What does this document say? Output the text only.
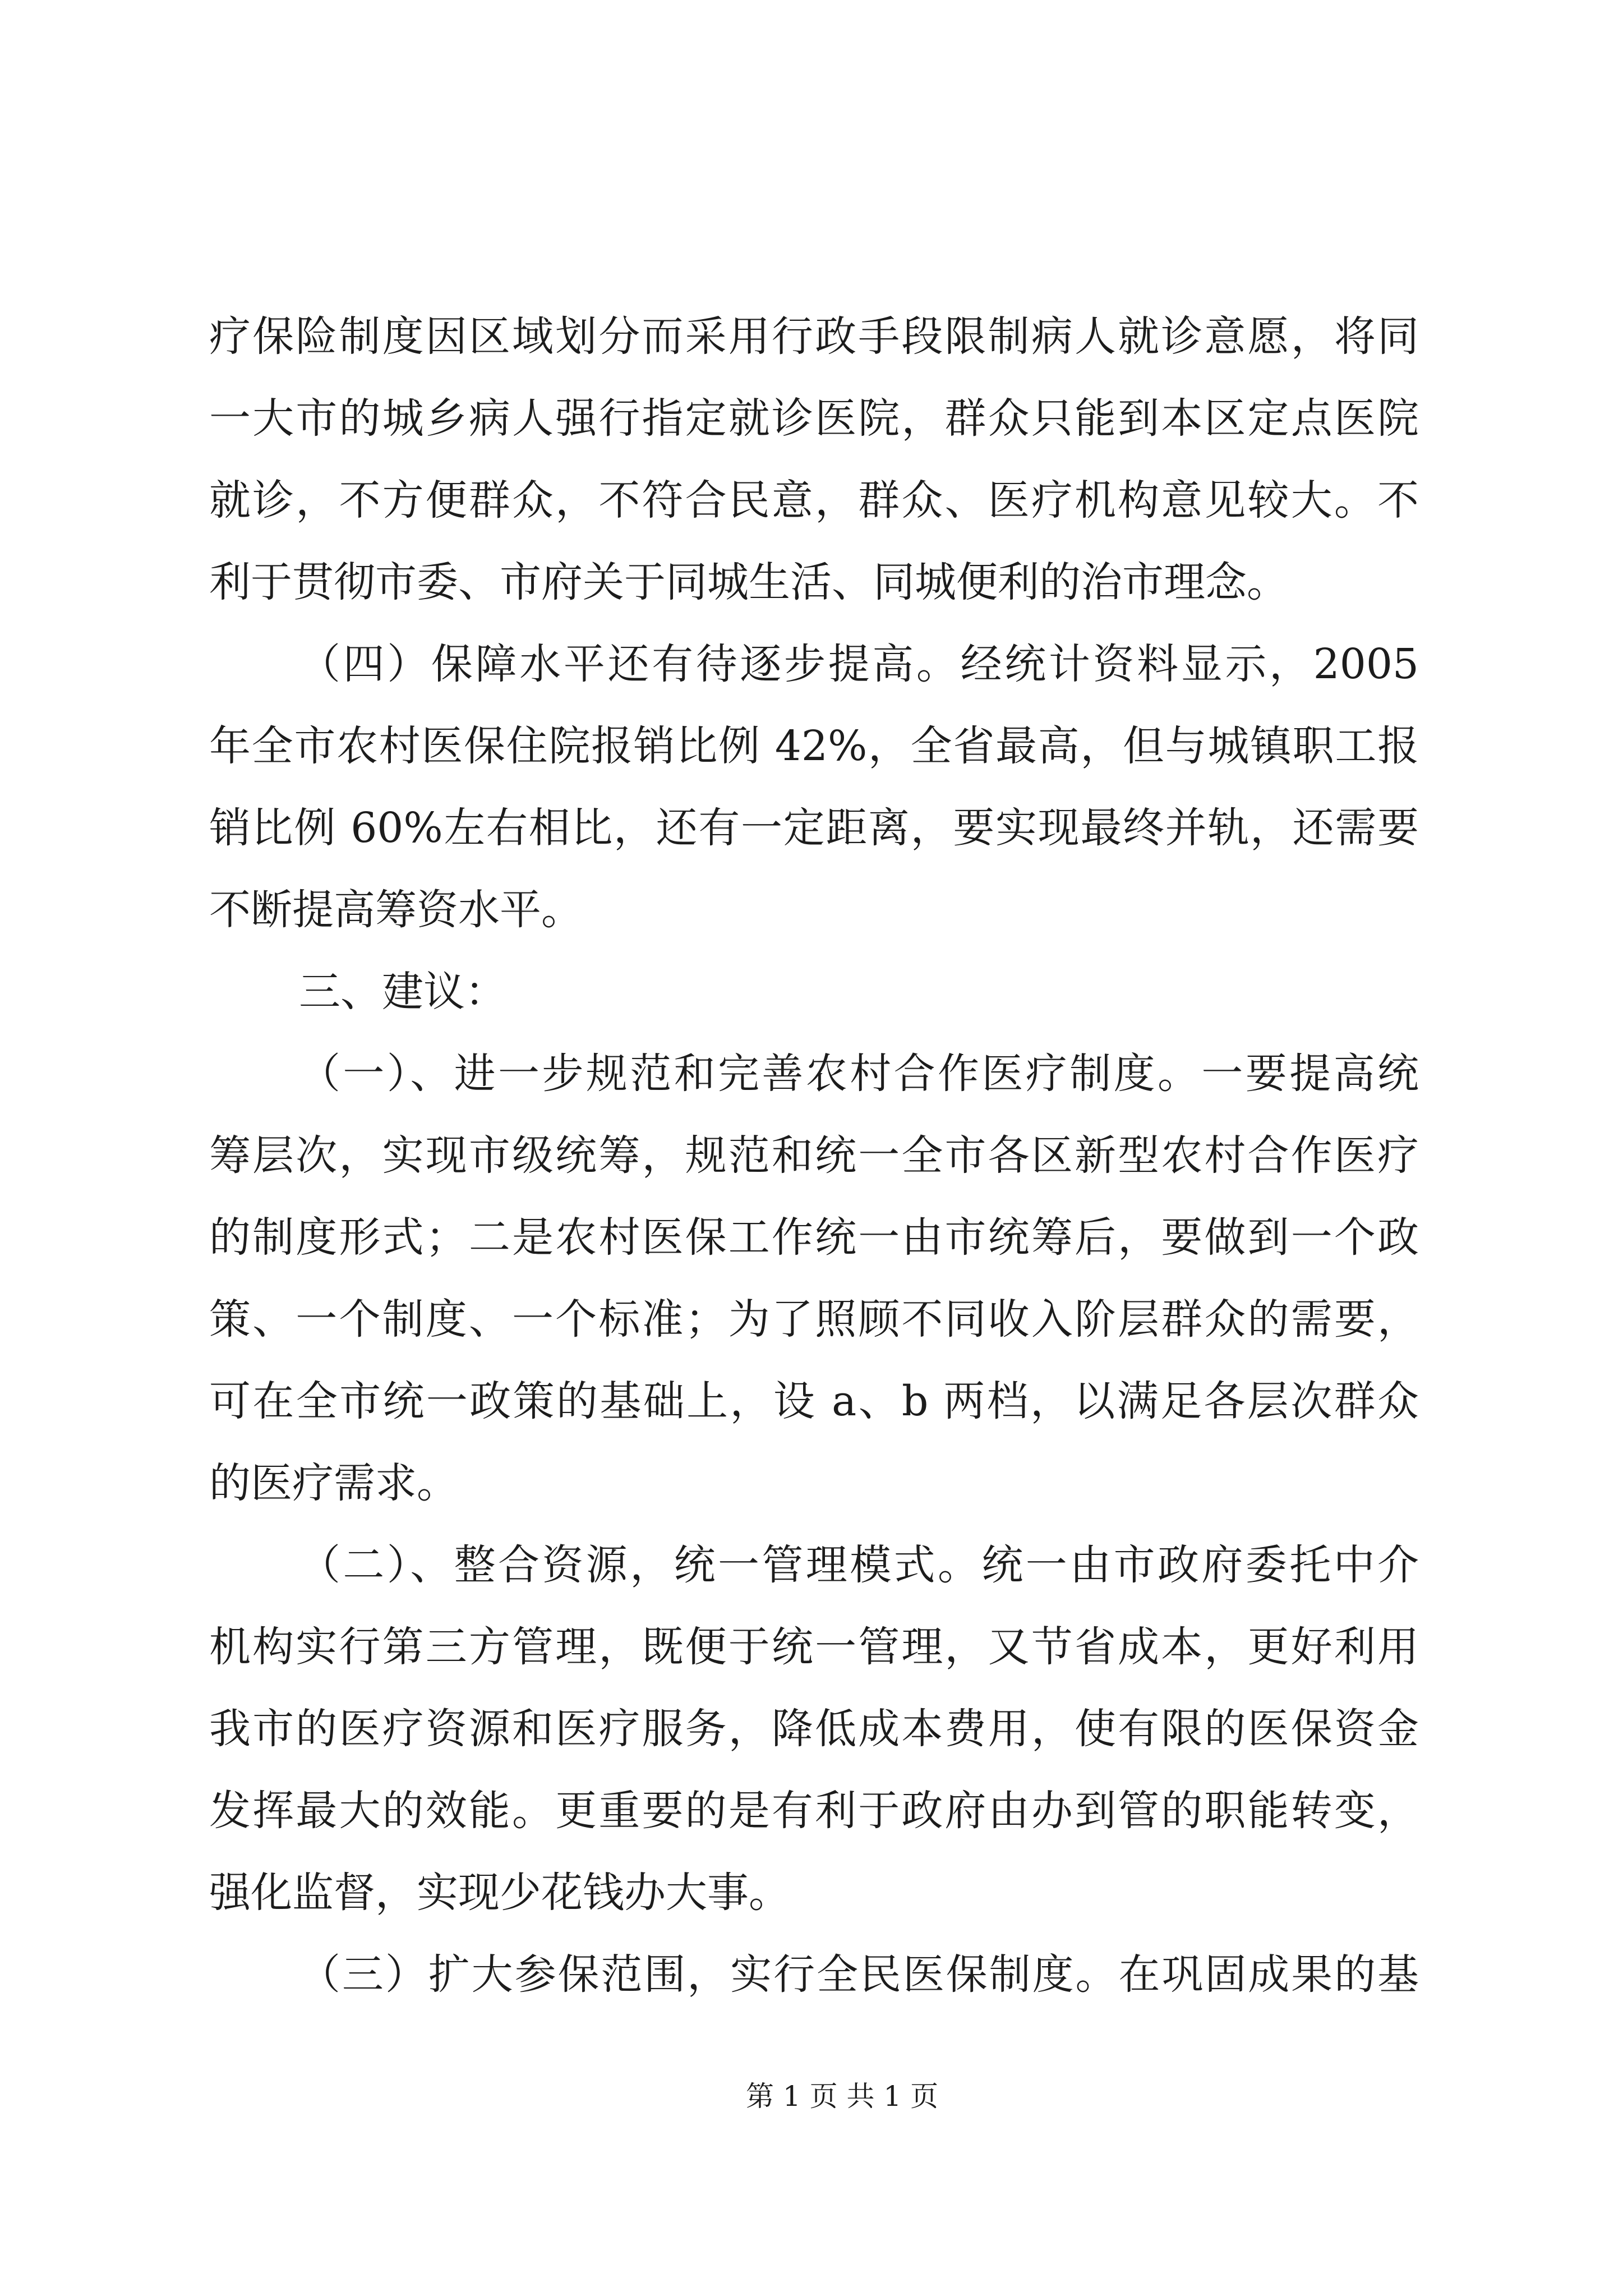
疗保险制度因区域划分而采用行政手段限制病人就诊意愿，将同
一大市的城乡病人强行指定就诊医院，群众只能到本区定点医院
就诊，不方便群众，不符合民意，群众、医疗机构意见较大。不
利于贯彻市委、市府关于同城生活、同城便利的治市理念。
（四）保障水平还有待逐步提高。经统计资料显示，2005
年全市农村医保住院报销比例 42%，全省最高，但与城镇职工报
销比例 60%左右相比，还有一定距离，要实现最终并轨，还需要
不断提高筹资水平。
三、建议：
（一）、进一步规范和完善农村合作医疗制度。一要提高统
筹层次，实现市级统筹，规范和统一全市各区新型农村合作医疗
的制度形式；二是农村医保工作统一由市统筹后，要做到一个政
策、一个制度、一个标准；为了照顾不同收入阶层群众的需要，
可在全市统一政策的基础上，设 a、b 两档，以满足各层次群众
的医疗需求。
（二）、整合资源，统一管理模式。统一由市政府委托中介
机构实行第三方管理，既便于统一管理，又节省成本，更好利用
我市的医疗资源和医疗服务，降低成本费用，使有限的医保资金
发挥最大的效能。更重要的是有利于政府由办到管的职能转变，
强化监督，实现少花钱办大事。
（三）扩大参保范围，实行全民医保制度。在巩固成果的基
第 1 页 共 1 页
